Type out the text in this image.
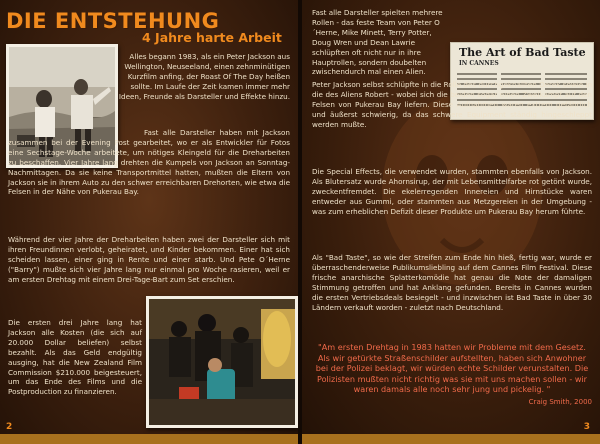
DIE ENTSTEHUNG
4 Jahre harte Arbeit

Alles begann 1983, als ein Peter Jackson aus Wellington, Neuseeland, einen zehnminütigen Kurzfilm anfing, der Roast Of The Day heißen sollte. Im Laufe der Zeit kamen immer mehr Ideen, Freunde als Darsteller und Effekte hinzu.

Fast alle Darsteller haben mit Jackson zusammen bei der Evening Post gearbeitet, wo er als Entwickler für Fotos eine Sechstage-Woche arbeitete, um nötiges Kleingeld für die Dreharbeiten zu beschaffen. Vier Jahre lang drehten die Kumpels von Jackson an Sonntag-Nachmittagen. Da sie keine Transportmittel hatten, mußten die Eltern von Jackson sie in ihrem Auto zu den schwer erreichbaren Drehorten, wie etwa die Felsen in der Nähe von Pukerau Bay.

Während der vier Jahre der Dreharbeiten haben zwei der Darsteller sich mit ihren Freundinnen verlobt, geheiratet, und Kinder bekommen. Einer hat sich scheiden lassen, einer ging in Rente und einer starb. Und Pete O´Herne ("Barry") mußte sich vier Jahre lang nur einmal pro Woche rasieren, weil er am ersten Drehtag mit einem Drei-Tage-Bart zum Set erschien.

Die ersten drei Jahre lang hat Jackson alle Kosten (die sich auf 20.000 Dollar beliefen) selbst bezahlt. Als das Geld endgültig ausging, hat die New Zealand Film Commission $210.000 beigesteuert, um das Ende des Films und die Postproduction zu finanzieren.

2

Fast alle Darsteller spielten mehrere Rollen - das feste Team von Peter O´Herne, Mike Minett, Terry Potter, Doug Wren und Dean Lawrie schlüpften oft nicht nur in ihre Hauptrollen, sondern doubelten zwischendurch mal einen Alien.

The Art of Bad Taste
IN CANNES

Peter Jackson selbst schlüpfte in die Rolle des durchgeknallten Derek sowie in die des Aliens Robert - wobei sich die beiden sogar einen Zweikampf auf den Felsen von Pukerau Bay liefern. Diese Aufnahmen waren extrem gefährlich und äußerst schwierig, da das schwere Equipment ständig hingeschleppt werden mußte.

Die Special Effects, die verwendet wurden, stammten ebenfalls von Jackson. Als Blutersatz wurde Ahornsirup, der mit Lebensmittelfarbe rot getönt wurde, zweckentfremdet. Die ekelerregenden Innereien und Hirnstücke waren entweder aus Gummi, oder stammten aus Metzgereien in der Umgebung - was zum erheblichen Defizit dieser Produkte um Pukerau Bay herum führte.

Als "Bad Taste", so wie der Streifen zum Ende hin hieß, fertig war, wurde er überraschenderweise Publikumsliebling auf dem Cannes Film Festival. Diese frische anarchische Splatterkomödie hat genau die Note der damaligen Stimmung getroffen und hat Anklang gefunden. Bereits in Cannes wurden die ersten Vertriebsdeals besiegelt - und inzwischen ist Bad Taste in über 30 Ländern verkauft worden - zuletzt nach Deutschland.

"Am ersten Drehtag in 1983 hatten wir Probleme mit dem Gesetz. Als wir getürkte Straßenschilder aufstellten, haben sich Anwohner bei der Polizei beklagt, wir würden echte Schilder verunstalten. Die Polizisten mußten nicht richtig was sie mit uns machen sollen - wir waren damals alle noch sehr jung und pickelig. "

Craig Smith, 2000

3
